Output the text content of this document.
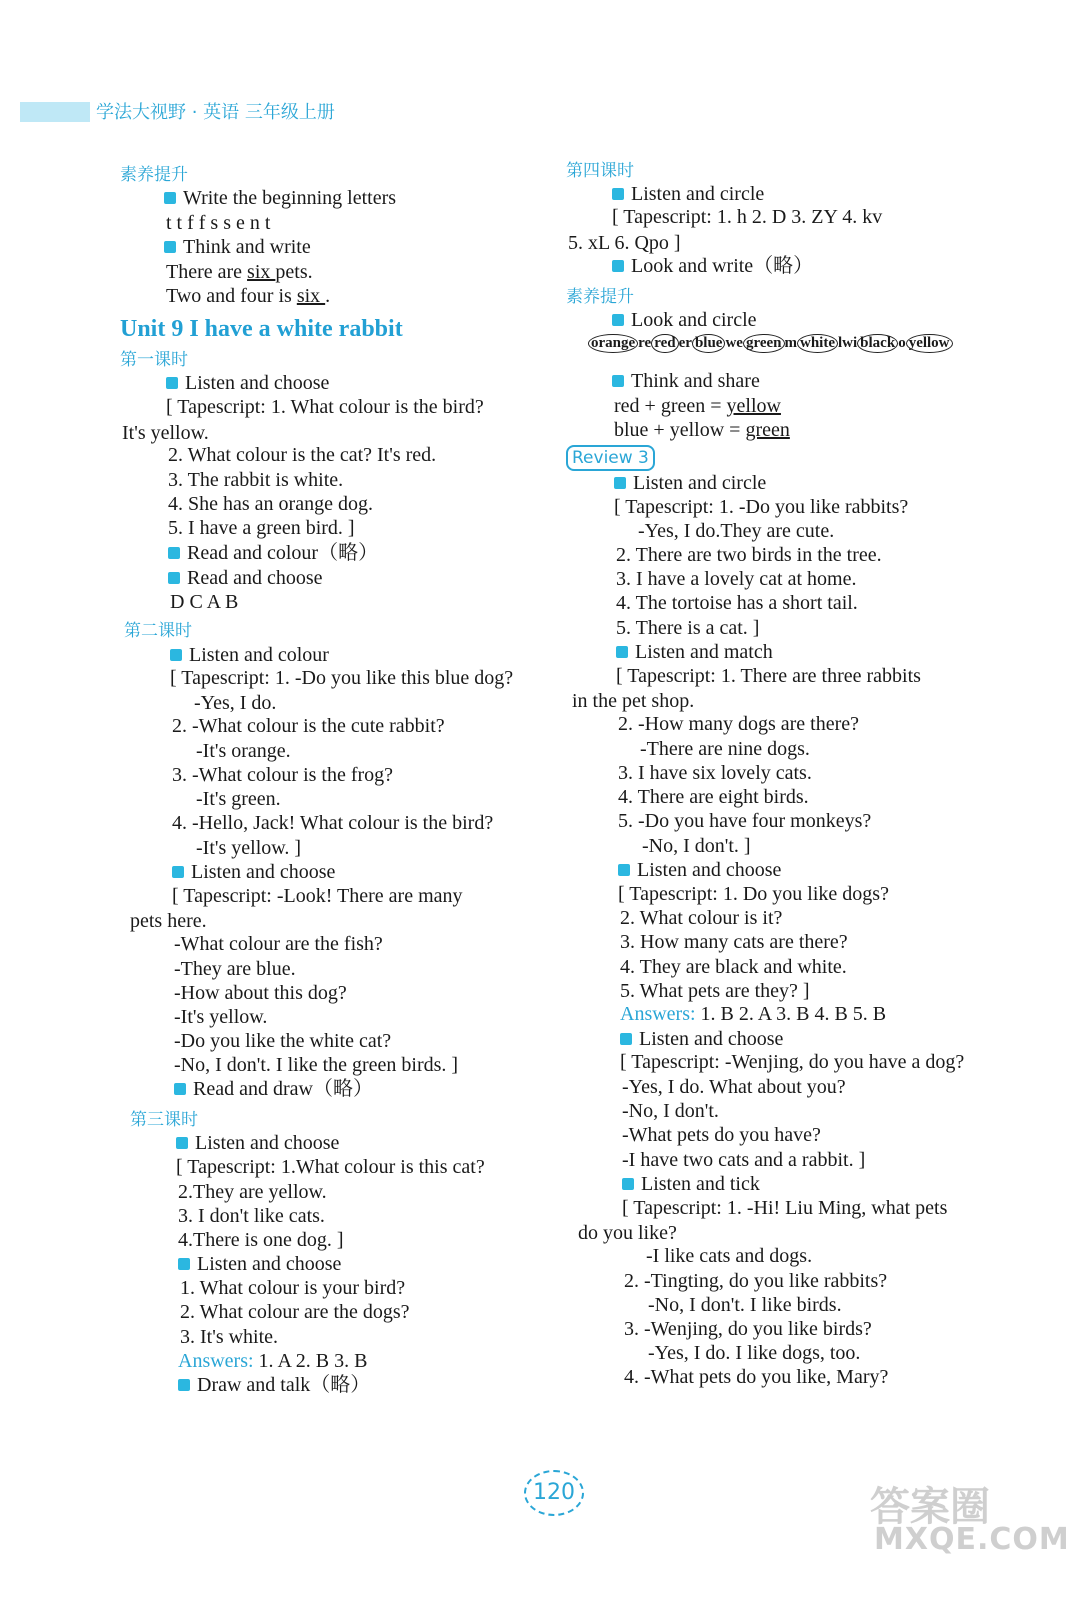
学法大视野 · 英语 三年级上册
素养提升
Write the beginning letters
t t f f s s e n t
Think and write
There are six pets.
Two and four is six .
Unit 9 I have a white rabbit
第一课时
Listen and choose
[ Tapescript: 1. What colour is the bird?
It's yellow.
2. What colour is the cat? It's red.
3. The rabbit is white.
4. She has an orange dog.
5. I have a green bird. ]
Read and colour（略）
Read and choose
D C A B
第二课时
Listen and colour
[ Tapescript: 1. -Do you like this blue dog?
-Yes, I do.
2. -What colour is the cute rabbit?
-It's orange.
3. -What colour is the frog?
-It's green.
4. -Hello, Jack! What colour is the bird?
-It's yellow. ]
Listen and choose
[ Tapescript: -Look! There are many
pets here.
-What colour are the fish?
-They are blue.
-How about this dog?
-It's yellow.
-Do you like the white cat?
-No, I don't. I like the green birds. ]
Read and draw（略）
第三课时
Listen and choose
[ Tapescript: 1.What colour is this cat?
2.They are yellow.
3. I don't like cats.
4.There is one dog. ]
Listen and choose
1. What colour is your bird?
2. What colour are the dogs?
3. It's white.
Answers: 1. A 2. B 3. B
Draw and talk（略）
第四课时
Listen and circle
[ Tapescript: 1. h 2. D 3. ZY 4. kv
5. xL 6. Qpo ]
Look and write（略）
素养提升
Look and circle
Think and share
red + green = yellow
blue + yellow = green
Listen and circle
[ Tapescript: 1. -Do you like rabbits?
-Yes, I do.They are cute.
2. There are two birds in the tree.
3. I have a lovely cat at home.
4. The tortoise has a short tail.
5. There is a cat. ]
Listen and match
[ Tapescript: 1. There are three rabbits
in the pet shop.
2. -How many dogs are there?
-There are nine dogs.
3. I have six lovely cats.
4. There are eight birds.
5. -Do you have four monkeys?
-No, I don't. ]
Listen and choose
[ Tapescript: 1. Do you like dogs?
2. What colour is it?
3. How many cats are there?
4. They are black and white.
5. What pets are they? ]
Answers: 1. B 2. A 3. B 4. B 5. B
Listen and choose
[ Tapescript: -Wenjing, do you have a dog?
-Yes, I do. What about you?
-No, I don't.
-What pets do you have?
-I have two cats and a rabbit. ]
Listen and tick
[ Tapescript: 1. -Hi! Liu Ming, what pets
do you like?
-I like cats and dogs.
2. -Tingting, do you like rabbits?
-No, I don't. I like birds.
3. -Wenjing, do you like birds?
-Yes, I do. I like dogs, too.
4. -What pets do you like, Mary?
Review 3
orange re red er blue we green m white lwi black o yellow
120	答案圈
MXQE.COM
